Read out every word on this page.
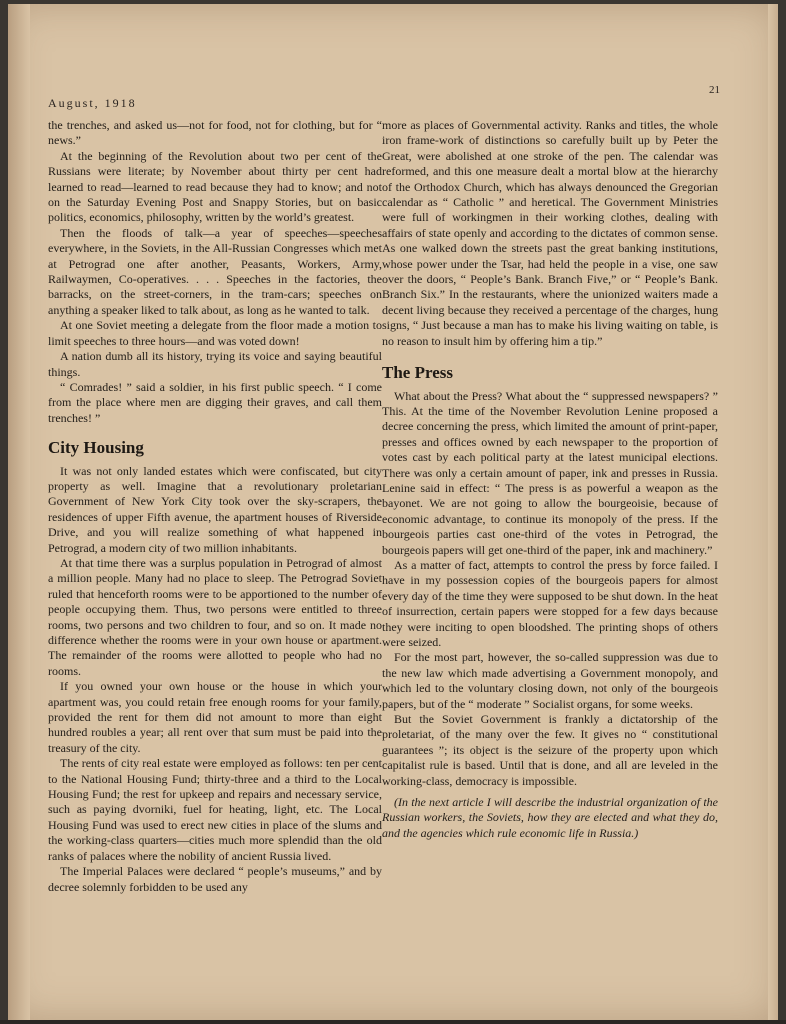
August, 1918
21

the trenches, and asked us—not for food, not for clothing, but for “ news.”

At the beginning of the Revolution about two per cent of the Russians were literate; by November about thirty per cent had learned to read—learned to read because they had to know; and not on the Saturday Evening Post and Snappy Stories, but on basic politics, economics, philosophy, written by the world’s greatest.

Then the floods of talk—a year of speeches—speeches everywhere, in the Soviets, in the All-Russian Congresses which met at Petrograd one after another, Peasants, Workers, Army, Railwaymen, Co-operatives. . . . Speeches in the factories, the barracks, on the street-corners, in the tram-cars; speeches on anything a speaker liked to talk about, as long as he wanted to talk.

At one Soviet meeting a delegate from the floor made a motion to limit speeches to three hours—and was voted down!

A nation dumb all its history, trying its voice and saying beautiful things.

“ Comrades! ” said a soldier, in his first public speech. “ I come from the place where men are digging their graves, and call them trenches! ”

City Housing

It was not only landed estates which were confiscated, but city property as well. Imagine that a revolutionary proletarian Government of New York City took over the sky-scrapers, the residences of upper Fifth avenue, the apartment houses of Riverside Drive, and you will realize something of what happened in Petrograd, a modern city of two million inhabitants.

At that time there was a surplus population in Petrograd of almost a million people. Many had no place to sleep. The Petrograd Soviet ruled that henceforth rooms were to be apportioned to the number of people occupying them. Thus, two persons were entitled to three rooms, two persons and two children to four, and so on. It made no difference whether the rooms were in your own house or apartment. The remainder of the rooms were allotted to people who had no rooms.

If you owned your own house or the house in which your apartment was, you could retain free enough rooms for your family, provided the rent for them did not amount to more than eight hundred roubles a year; all rent over that sum must be paid into the treasury of the city.

The rents of city real estate were employed as follows: ten per cent to the National Housing Fund; thirty-three and a third to the Local Housing Fund; the rest for upkeep and repairs and necessary service, such as paying dvorniki, fuel for heating, light, etc. The Local Housing Fund was used to erect new cities in place of the slums and the working-class quarters—cities much more splendid than the old ranks of palaces where the nobility of ancient Russia lived.

The Imperial Palaces were declared “ people’s museums,” and by decree solemnly forbidden to be used any

more as places of Governmental activity. Ranks and titles, the whole iron frame-work of distinctions so carefully built up by Peter the Great, were abolished at one stroke of the pen. The calendar was reformed, and this one measure dealt a mortal blow at the hierarchy of the Orthodox Church, which has always denounced the Gregorian calendar as “ Catholic ” and heretical. The Government Ministries were full of workingmen in their working clothes, dealing with affairs of state openly and according to the dictates of common sense. As one walked down the streets past the great banking institutions, whose power under the Tsar, had held the people in a vise, one saw over the doors, “ People’s Bank. Branch Five,” or “ People’s Bank. Branch Six.” In the restaurants, where the unionized waiters made a decent living because they received a percentage of the charges, hung signs, “ Just because a man has to make his living waiting on table, is no reason to insult him by offering him a tip.”

The Press

What about the Press? What about the “ suppressed newspapers? ” This. At the time of the November Revolution Lenine proposed a decree concerning the press, which limited the amount of print-paper, presses and offices owned by each newspaper to the proportion of votes cast by each political party at the latest municipal elections. There was only a certain amount of paper, ink and presses in Russia. Lenine said in effect: “ The press is as powerful a weapon as the bayonet. We are not going to allow the bourgeoisie, because of economic advantage, to continue its monopoly of the press. If the bourgeois parties cast one-third of the votes in Petrograd, the bourgeois papers will get one-third of the paper, ink and machinery.”

As a matter of fact, attempts to control the press by force failed. I have in my possession copies of the bourgeois papers for almost every day of the time they were supposed to be shut down. In the heat of insurrection, certain papers were stopped for a few days because they were inciting to open bloodshed. The printing shops of others were seized.

For the most part, however, the so-called suppression was due to the new law which made advertising a Government monopoly, and which led to the voluntary closing down, not only of the bourgeois papers, but of the “ moderate ” Socialist organs, for some weeks.

But the Soviet Government is frankly a dictatorship of the proletariat, of the many over the few. It gives no “ constitutional guarantees ”; its object is the seizure of the property upon which capitalist rule is based. Until that is done, and all are leveled in the working-class, democracy is impossible.

(In the next article I will describe the industrial organization of the Russian workers, the Soviets, how they are elected and what they do, and the agencies which rule economic life in Russia.)
